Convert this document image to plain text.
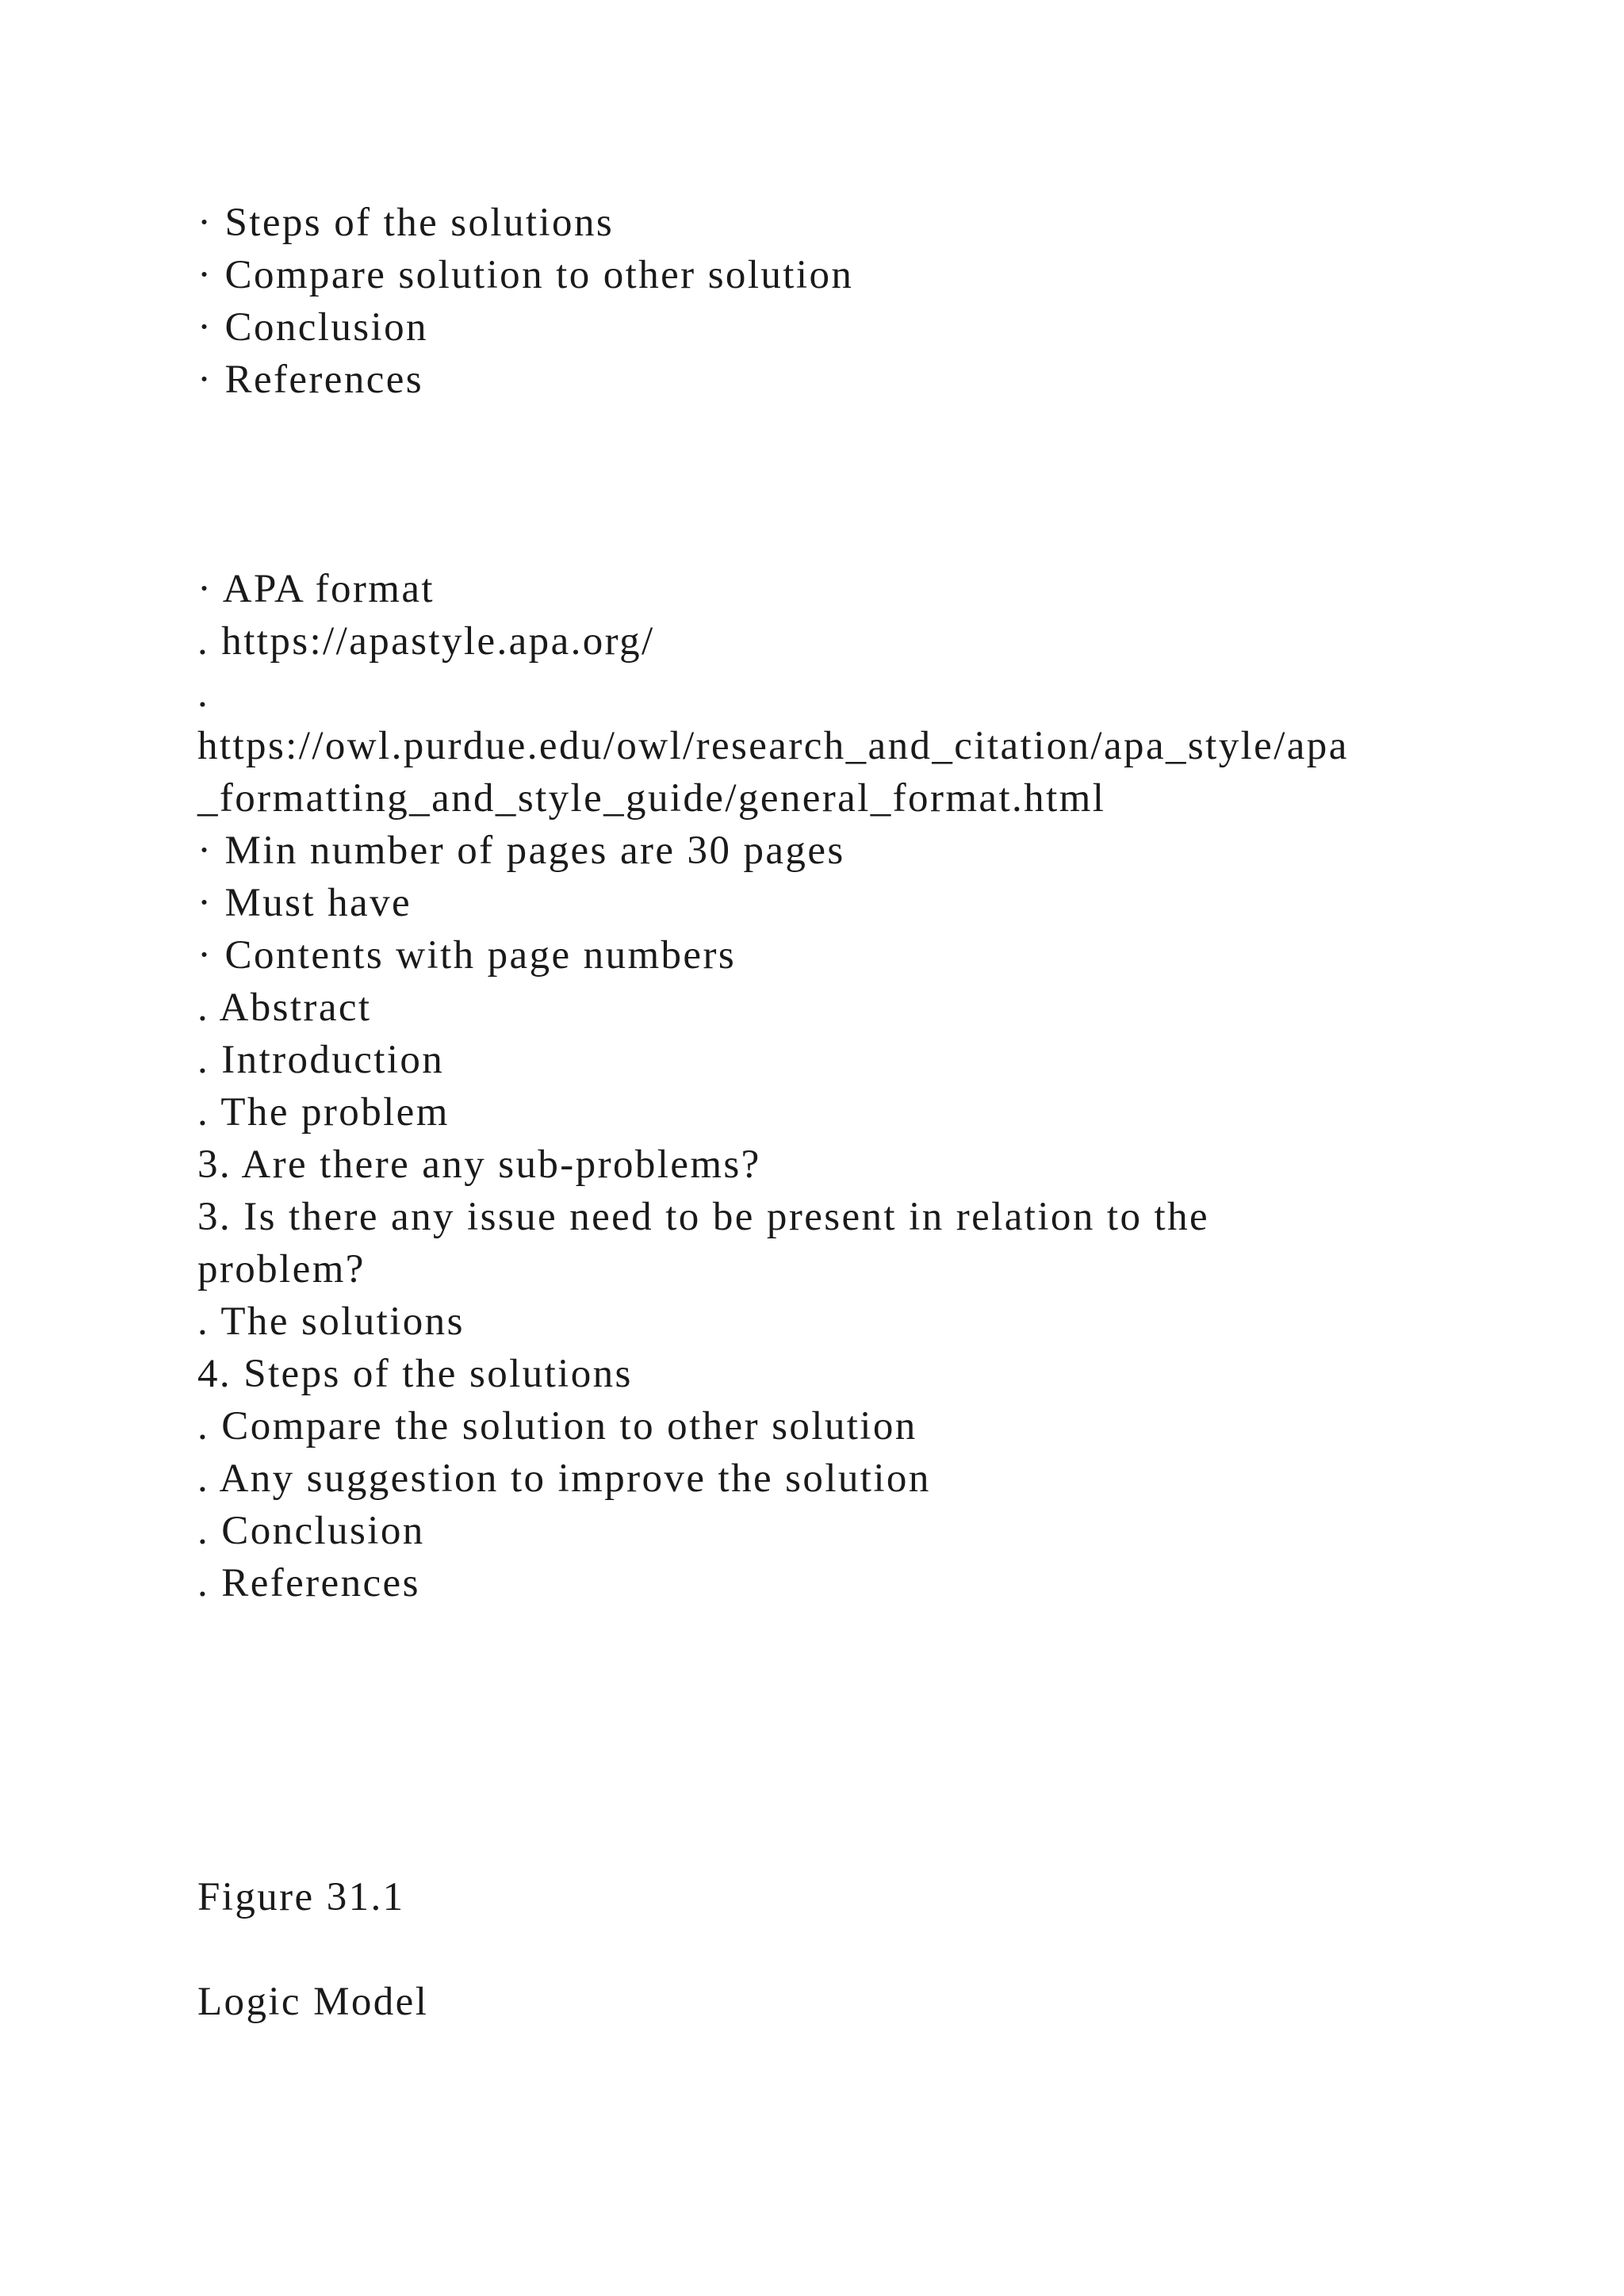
· Steps of the solutions

· Compare solution to other solution

· Conclusion

· References

· APA format

. https://apastyle.apa.org/

.

https://owl.purdue.edu/owl/research_and_citation/apa_style/apa

_formatting_and_style_guide/general_format.html

· Min number of pages are 30 pages

· Must have

· Contents with page numbers

. Abstract

. Introduction

. The problem

3. Are there any sub-problems?

3. Is there any issue need to be present in relation to the

problem?

. The solutions

4. Steps of the solutions

. Compare the solution to other solution

. Any suggestion to improve the solution

. Conclusion

. References

Figure 31.1

Logic Model
